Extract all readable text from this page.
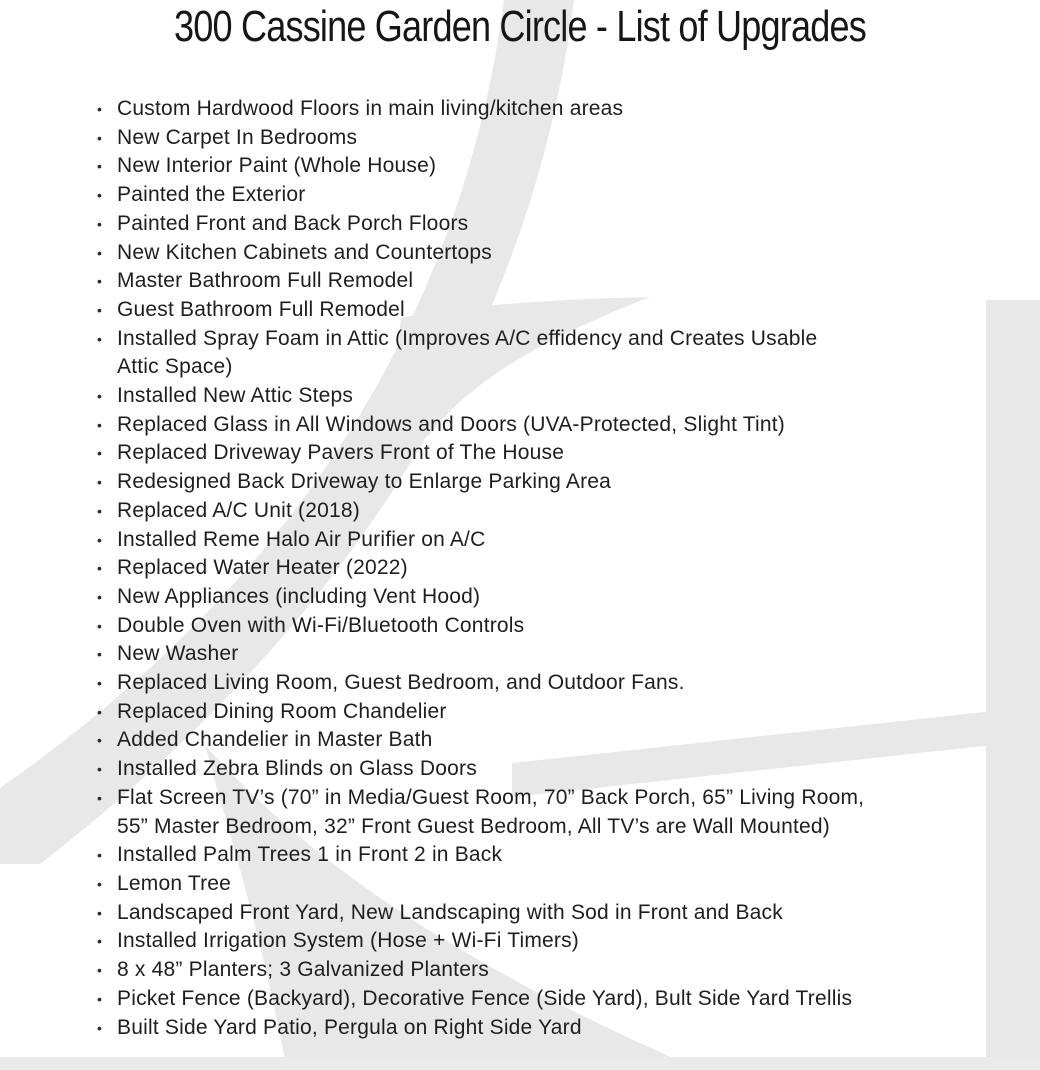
300 Cassine Garden Circle - List of Upgrades
• Custom Hardwood Floors in main living/kitchen areas
• New Carpet In Bedrooms
• New Interior Paint (Whole House)
• Painted the Exterior
• Painted Front and Back Porch Floors
• New Kitchen Cabinets and Countertops
• Master Bathroom Full Remodel
• Guest Bathroom Full Remodel
• Installed Spray Foam in Attic (Improves A/C effidency and Creates Usable
Attic Space)
• Installed New Attic Steps
• Replaced Glass in All Windows and Doors (UVA-Protected, Slight Tint)
• Replaced Driveway Pavers Front of The House
• Redesigned Back Driveway to Enlarge Parking Area
• Replaced A/C Unit (2018)
• Installed Reme Halo Air Purifier on A/C
• Replaced Water Heater (2022)
• New Appliances (including Vent Hood)
• Double Oven with Wi-Fi/Bluetooth Controls
• New Washer
• Replaced Living Room, Guest Bedroom, and Outdoor Fans.
• Replaced Dining Room Chandelier
• Added Chandelier in Master Bath
• Installed Zebra Blinds on Glass Doors
• Flat Screen TV’s (70” in Media/Guest Room, 70” Back Porch, 65” Living Room,
55” Master Bedroom, 32” Front Guest Bedroom, All TV’s are Wall Mounted)
• Installed Palm Trees 1 in Front 2 in Back
• Lemon Tree
• Landscaped Front Yard, New Landscaping with Sod in Front and Back
• Installed Irrigation System (Hose + Wi-Fi Timers)
• 8 x 48” Planters; 3 Galvanized Planters
• Picket Fence (Backyard), Decorative Fence (Side Yard), Bult Side Yard Trellis
• Built Side Yard Patio, Pergula on Right Side Yard
